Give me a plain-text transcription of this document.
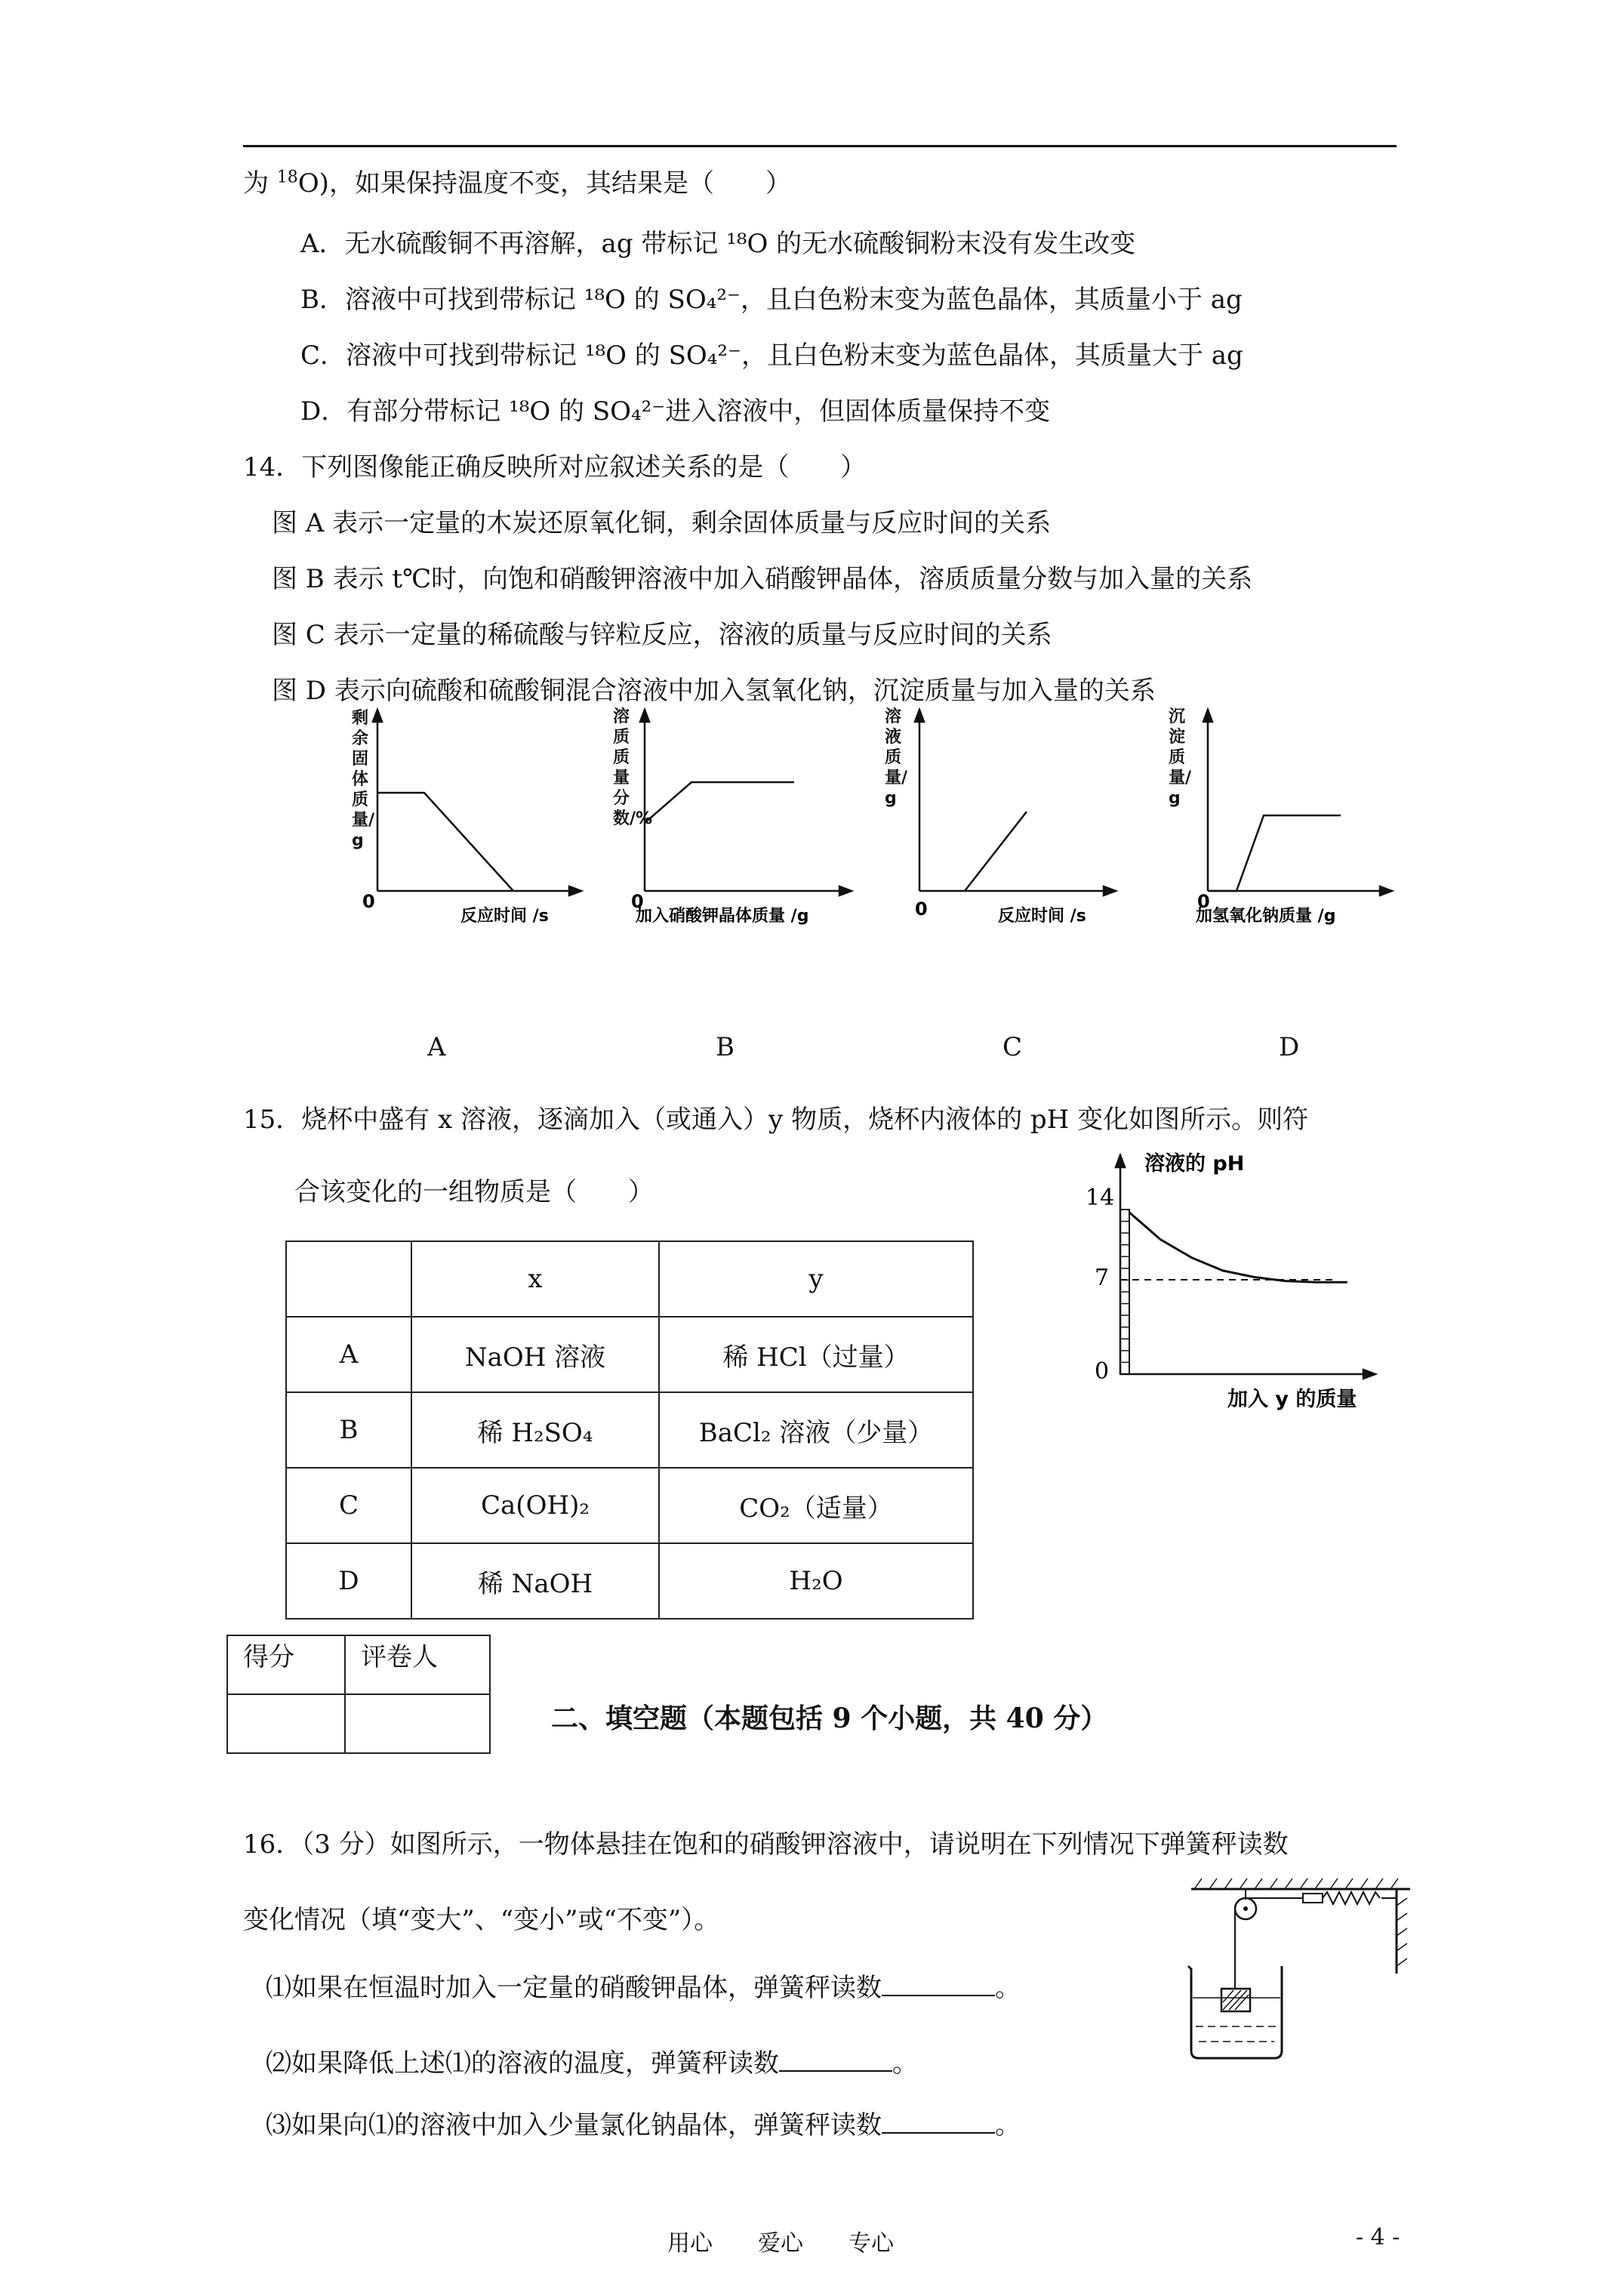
为 $^{18}$O)，如果保持温度不变，其结果是（　　）
A．无水硫酸铜不再溶解，ag 带标记 ¹⁸O 的无水硫酸铜粉末没有发生改变
B．溶液中可找到带标记 ¹⁸O 的 SO₄²⁻，且白色粉末变为蓝色晶体，其质量小于 ag
C．溶液中可找到带标记 ¹⁸O 的 SO₄²⁻，且白色粉末变为蓝色晶体，其质量大于 ag
D．有部分带标记 ¹⁸O 的 SO₄²⁻进入溶液中，但固体质量保持不变
14．下列图像能正确反映所对应叙述关系的是（　　）
图 A 表示一定量的木炭还原氧化铜，剩余固体质量与反应时间的关系
图 B 表示 t℃时，向饱和硝酸钾溶液中加入硝酸钾晶体，溶质质量分数与加入量的关系
图 C 表示一定量的稀硫酸与锌粒反应，溶液的质量与反应时间的关系
图 D 表示向硫酸和硫酸铜混合溶液中加入氢氧化钠，沉淀质量与加入量的关系
0
反应时间 /s
剩余固体质量/g
0
加入硝酸钾晶体质量 /g
溶质质量分数/%
0	反应时间 /s
溶液质量/g
0
加氢氧化钠质量 /g
沉淀质量/g
A	B	C	D
15．烧杯中盛有 x 溶液，逐滴加入（或通入）y 物质，烧杯内液体的 pH 变化如图所示。则符
合该变化的一组物质是（　　）
	x	y
A	NaOH 溶液	稀 HCl（过量）
B	稀 H₂SO₄	BaCl₂ 溶液（少量）
C	Ca(OH)₂	CO₂（适量）
D	稀 NaOH	H₂O
14
7
0
溶液的 pH
加入 y 的质量
得分	评卷人

二、填空题（本题包括 9 个小题，共 40 分）
16．（3 分）如图所示，一物体悬挂在饱和的硝酸钾溶液中，请说明在下列情况下弹簧秤读数
变化情况（填“变大”、“变小”或“不变”）。
⑴如果在恒温时加入一定量的硝酸钾晶体，弹簧秤读数	。
⑵如果降低上述⑴的溶液的温度，弹簧秤读数	。
⑶如果向⑴的溶液中加入少量氯化钠晶体，弹簧秤读数	。
用心　　爱心　　专心	- 4 -
